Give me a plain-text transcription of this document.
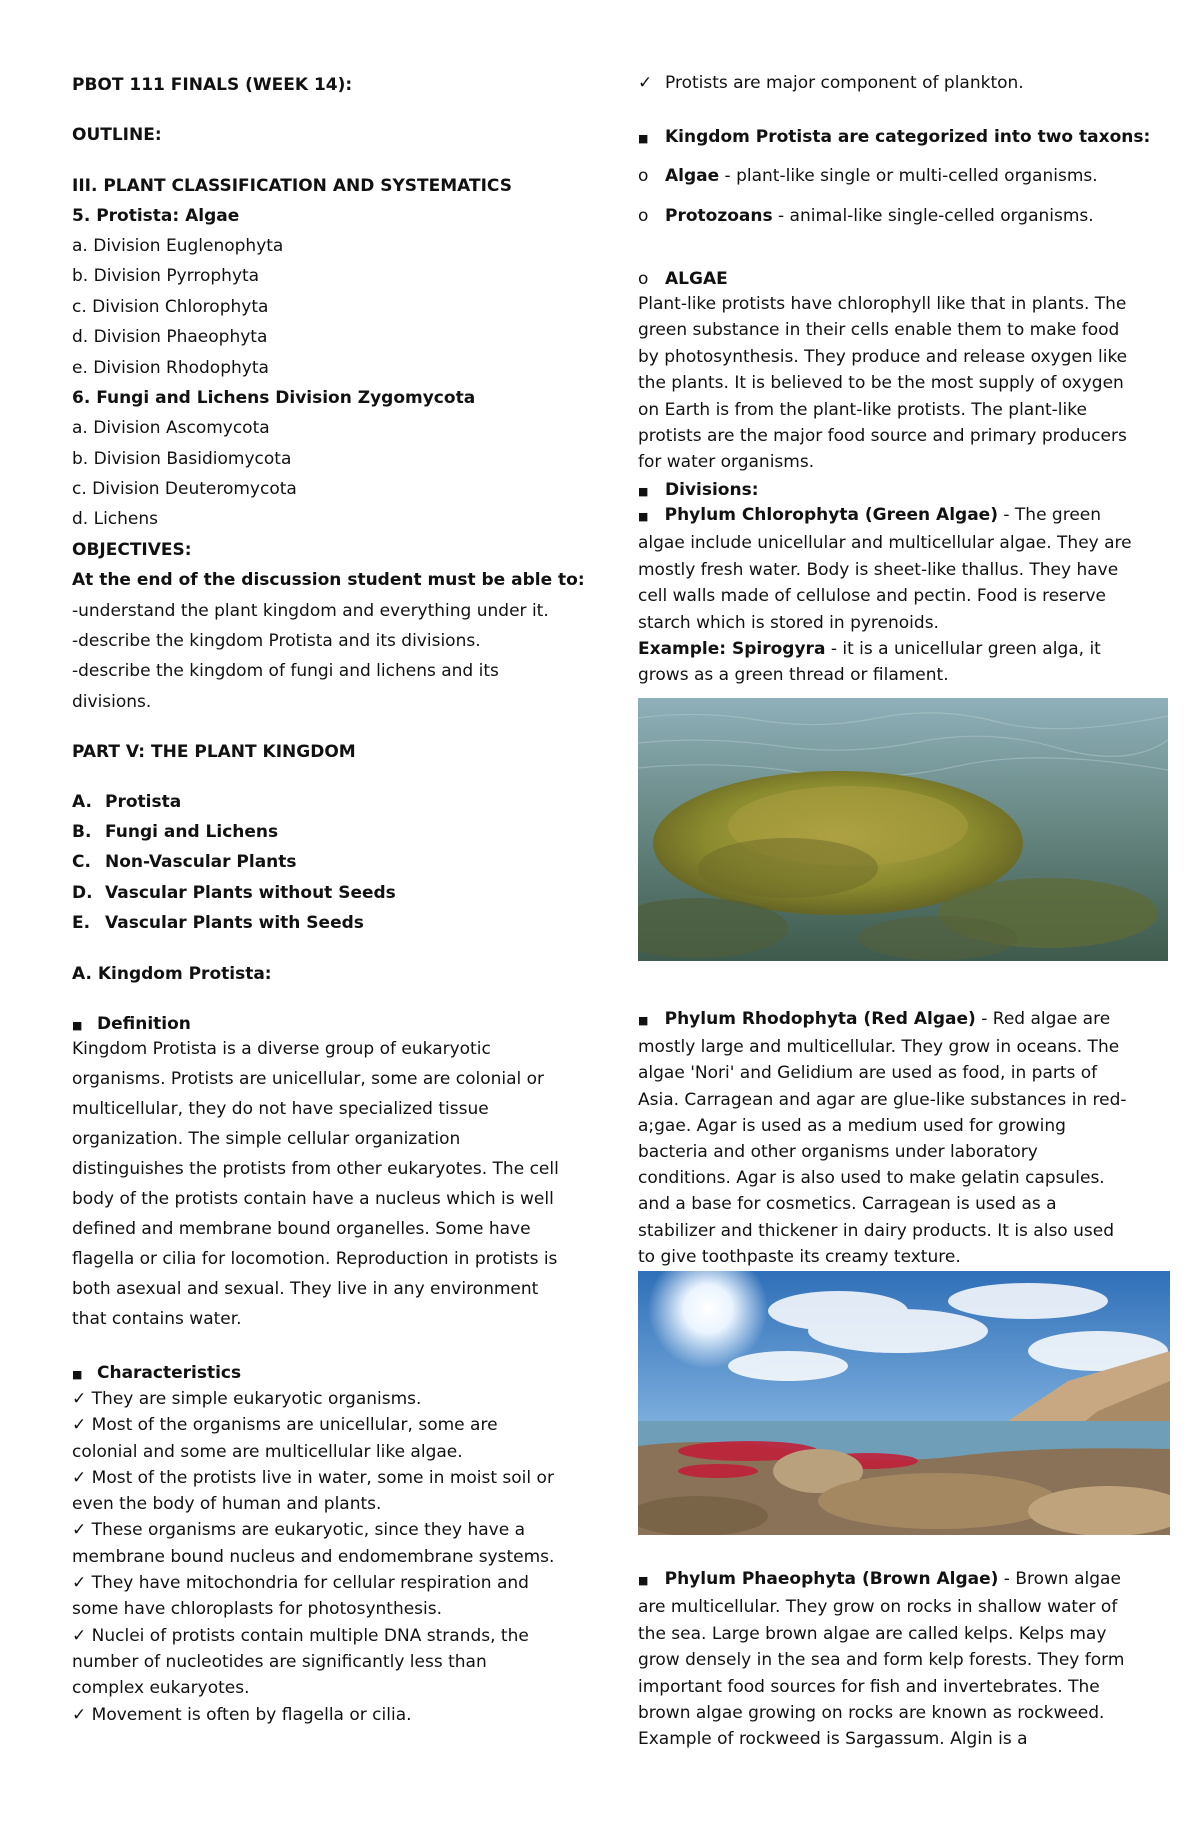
PBOT 111 FINALS (WEEK 14):
OUTLINE:
III. PLANT CLASSIFICATION AND SYSTEMATICS
5. Protista: Algae
a. Division Euglenophyta
b. Division Pyrrophyta
c. Division Chlorophyta
d. Division Phaeophyta
e. Division Rhodophyta
6. Fungi and Lichens Division Zygomycota
a. Division Ascomycota
b. Division Basidiomycota
c. Division Deuteromycota
d. Lichens
OBJECTIVES:
At the end of the discussion student must be able to:
-understand the plant kingdom and everything under it.
-describe the kingdom Protista and its divisions.
-describe the kingdom of fungi and lichens and its
divisions.
PART V: THE PLANT KINGDOM
A. Protista
B. Fungi and Lichens
C. Non-Vascular Plants
D. Vascular Plants without Seeds
E. Vascular Plants with Seeds
A. Kingdom Protista:
■ Definition
Kingdom Protista is a diverse group of eukaryotic organisms. Protists are unicellular, some are colonial or multicellular, they do not have specialized tissue organization. The simple cellular organization distinguishes the protists from other eukaryotes. The cell body of the protists contain have a nucleus which is well defined and membrane bound organelles. Some have flagella or cilia for locomotion. Reproduction in protists is both asexual and sexual. They live in any environment that contains water.
■ Characteristics
✓ They are simple eukaryotic organisms.
✓ Most of the organisms are unicellular, some are colonial and some are multicellular like algae.
✓ Most of the protists live in water, some in moist soil or even the body of human and plants.
✓ These organisms are eukaryotic, since they have a membrane bound nucleus and endomembrane systems.
✓ They have mitochondria for cellular respiration and some have chloroplasts for photosynthesis.
✓ Nuclei of protists contain multiple DNA strands, the number of nucleotides are significantly less than complex eukaryotes.
✓ Movement is often by flagella or cilia.
✓ Protists are major component of plankton.
■ Kingdom Protista are categorized into two taxons:
o Algae - plant-like single or multi-celled organisms.
o Protozoans - animal-like single-celled organisms.
o ALGAE
Plant-like protists have chlorophyll like that in plants. The green substance in their cells enable them to make food by photosynthesis. They produce and release oxygen like the plants. It is believed to be the most supply of oxygen on Earth is from the plant-like protists. The plant-like protists are the major food source and primary producers for water organisms.
■ Divisions:
■ Phylum Chlorophyta (Green Algae) - The green algae include unicellular and multicellular algae. They are mostly fresh water. Body is sheet-like thallus. They have cell walls made of cellulose and pectin. Food is reserve starch which is stored in pyrenoids.
Example: Spirogyra - it is a unicellular green alga, it grows as a green thread or filament.
■ Phylum Rhodophyta (Red Algae) - Red algae are mostly large and multicellular. They grow in oceans. The algae 'Nori' and Gelidium are used as food, in parts of Asia. Carragean and agar are glue-like substances in red-a;gae. Agar is used as a medium used for growing bacteria and other organisms under laboratory conditions. Agar is also used to make gelatin capsules. and a base for cosmetics. Carragean is used as a stabilizer and thickener in dairy products. It is also used to give toothpaste its creamy texture.
■ Phylum Phaeophyta (Brown Algae) - Brown algae are multicellular. They grow on rocks in shallow water of the sea. Large brown algae are called kelps. Kelps may grow densely in the sea and form kelp forests. They form important food sources for fish and invertebrates. The brown algae growing on rocks are known as rockweed. Example of rockweed is Sargassum. Algin is a
